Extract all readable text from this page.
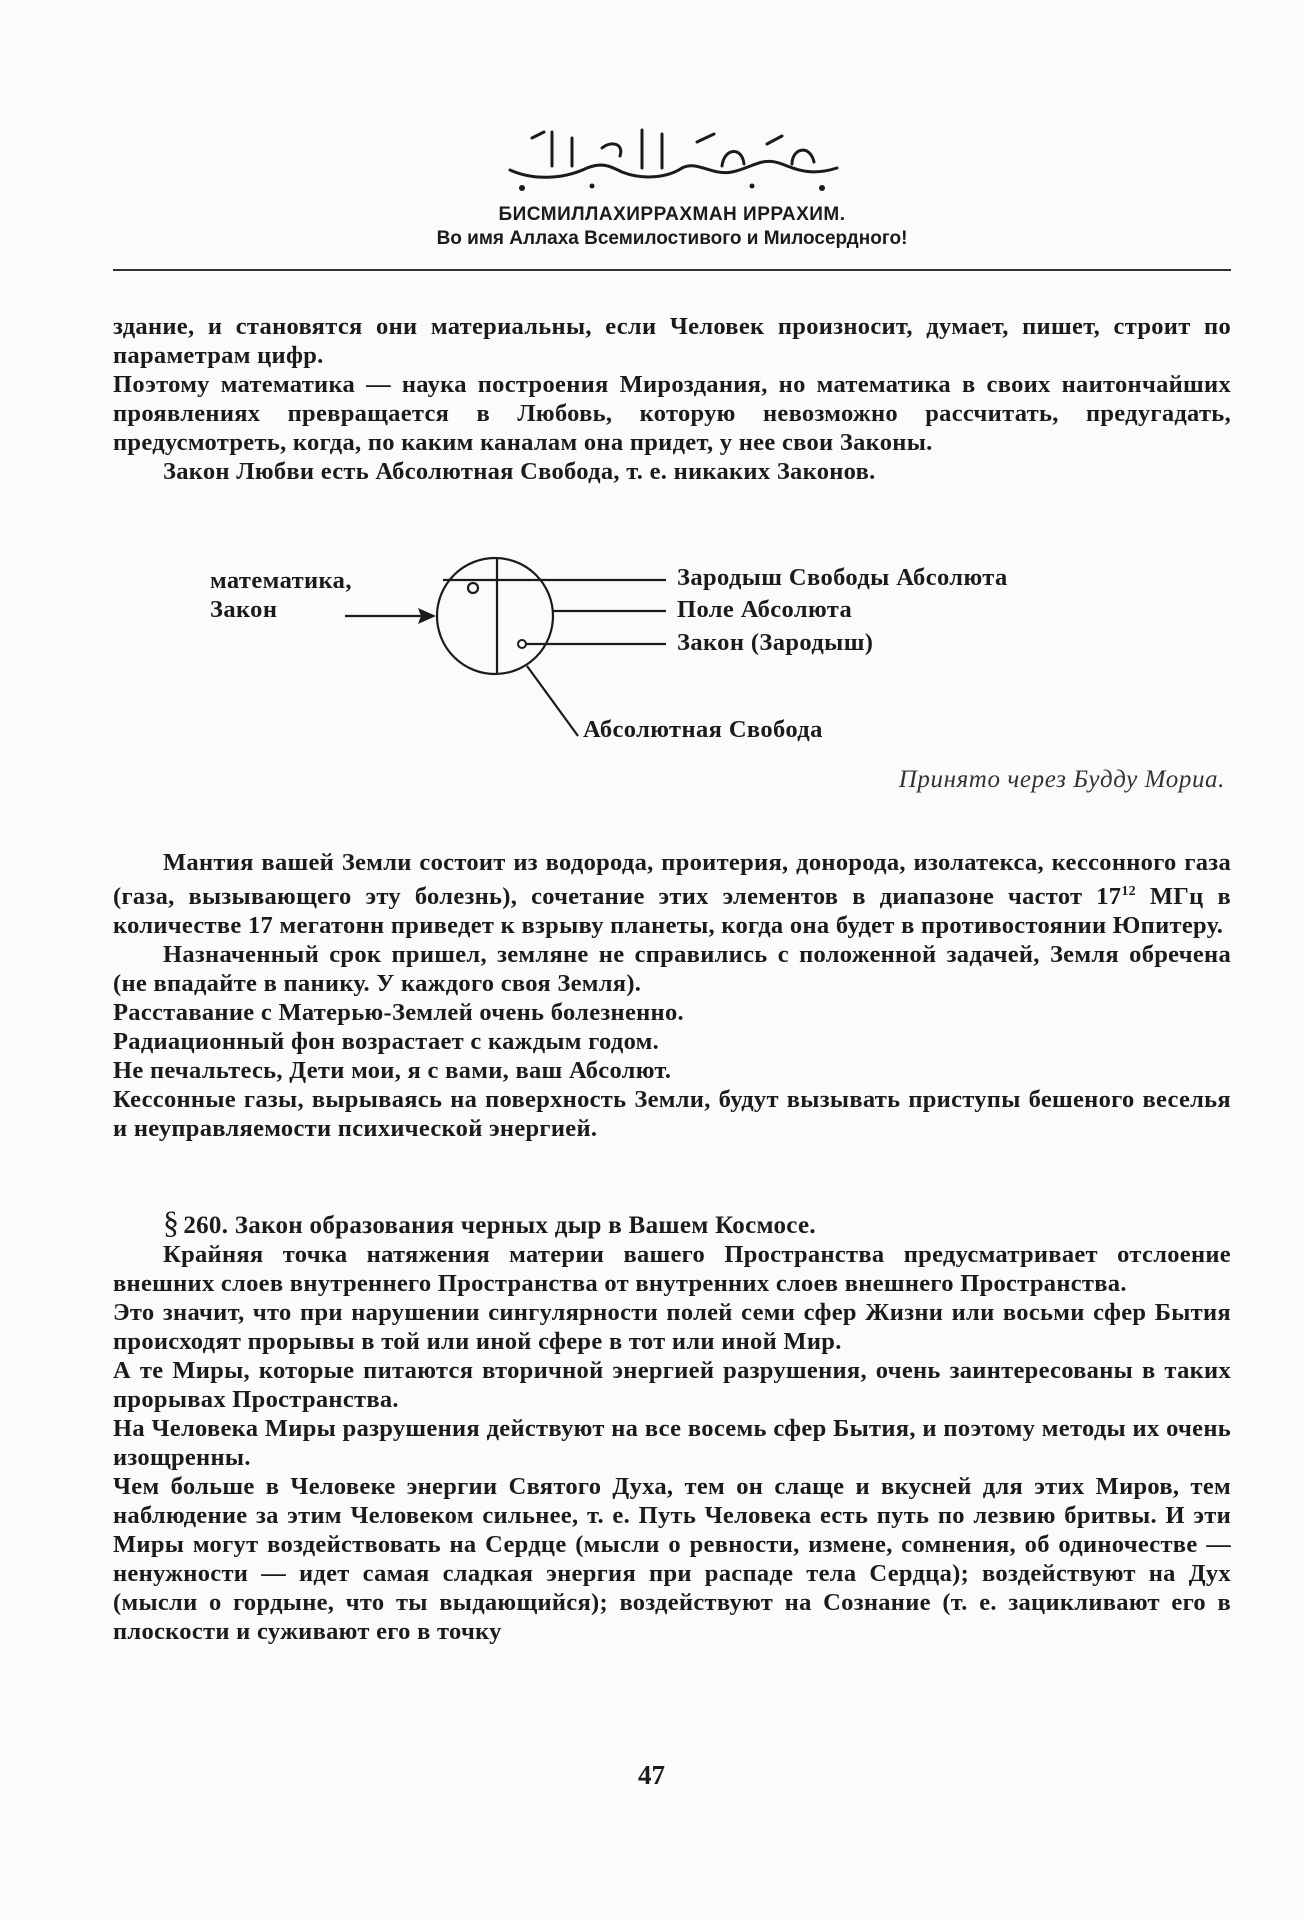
БИСМИЛЛАХИРРАХМАН ИРРАХИМ.
Во имя Аллаха Всемилостивого и Милосердного!

здание, и становятся они материальны, если Человек произносит, думает, пишет, строит по параметрам цифр.

Поэтому математика — наука построения Мироздания, но математика в своих наитончайших проявлениях превращается в Любовь, которую невозможно рассчитать, предугадать, предусмотреть, когда, по каким каналам она придет, у нее свои Законы.

Закон Любви есть Абсолютная Свобода, т. е. никаких Законов.

математика,
Закон
Зародыш Свободы Абсолюта
Поле Абсолюта
Закон (Зародыш)
Абсолютная Свобода
Принято через Будду Мориа.

Мантия вашей Земли состоит из водорода, проитерия, донорода, изолатекса, кессонного газа (газа, вызывающего эту болезнь), сочетание этих элементов в диапазоне частот $17^{12}$ МГц в количестве 17 мегатонн приведет к взрыву планеты, когда она будет в противостоянии Юпитеру.

Назначенный срок пришел, земляне не справились с положенной задачей, Земля обречена (не впадайте в панику. У каждого своя Земля).

Расставание с Матерью-Землей очень болезненно.

Радиационный фон возрастает с каждым годом.

Не печальтесь, Дети мои, я с вами, ваш Абсолют.

Кессонные газы, вырываясь на поверхность Земли, будут вызывать приступы бешеного веселья и неуправляемости психической энергией.

§ 260. Закон образования черных дыр в Вашем Космосе.

Крайняя точка натяжения материи вашего Пространства предусматривает отслоение внешних слоев внутреннего Пространства от внутренних слоев внешнего Пространства.

Это значит, что при нарушении сингулярности полей семи сфер Жизни или восьми сфер Бытия происходят прорывы в той или иной сфере в тот или иной Мир.

А те Миры, которые питаются вторичной энергией разрушения, очень заинтересованы в таких прорывах Пространства.

На Человека Миры разрушения действуют на все восемь сфер Бытия, и поэтому методы их очень изощренны.

Чем больше в Человеке энергии Святого Духа, тем он слаще и вкусней для этих Миров, тем наблюдение за этим Человеком сильнее, т. е. Путь Человека есть путь по лезвию бритвы. И эти Миры могут воздействовать на Сердце (мысли о ревности, измене, сомнения, об одиночестве — ненужности — идет самая сладкая энергия при распаде тела Сердца); воздействуют на Дух (мысли о гордыне, что ты выдающийся); воздействуют на Сознание (т. е. зацикливают его в плоскости и суживают его в точку

47
